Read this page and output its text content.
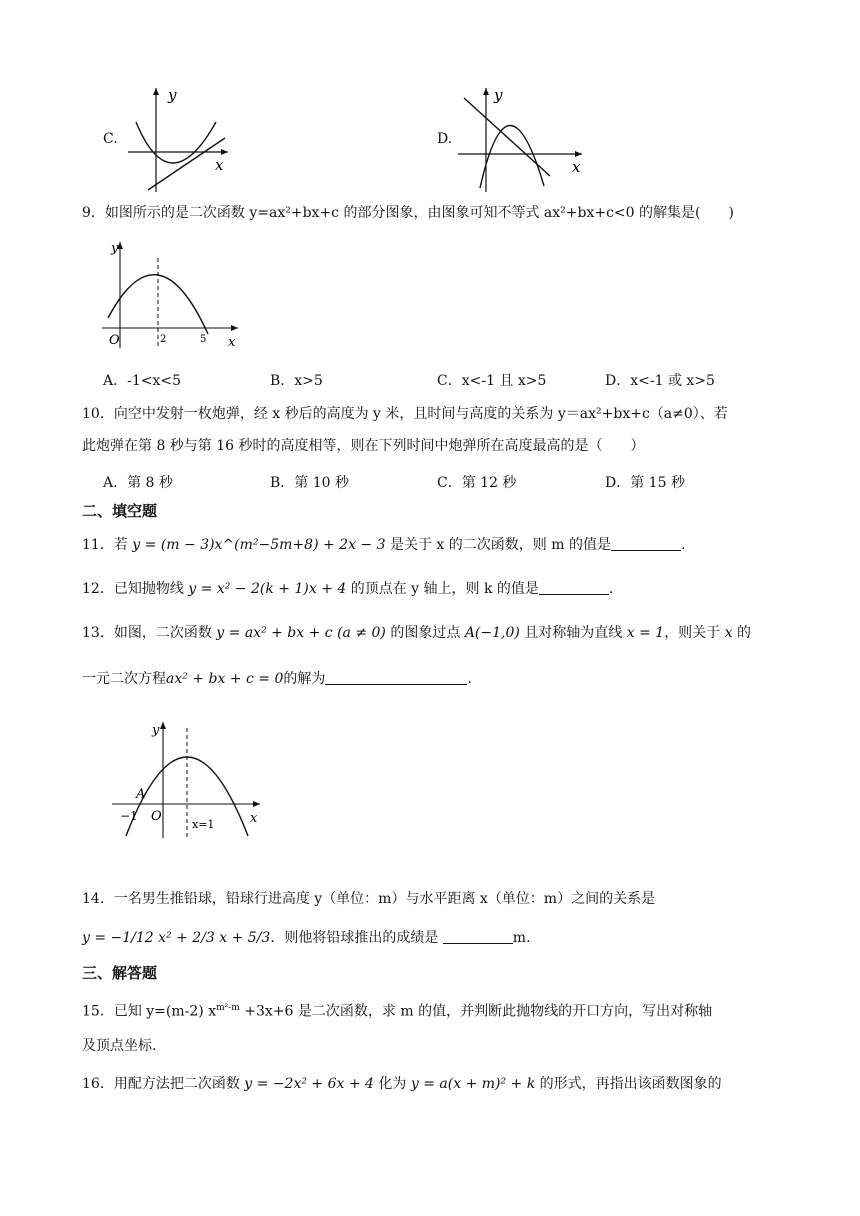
C.
y
x
D.
y
x
9．如图所示的是二次函数 y=ax²+bx+c 的部分图象，由图象可知不等式 ax²+bx+c<0 的解集是(　　)
y
x
O	2	5
A．-1<x<5	B．x>5	C．x<-1 且 x>5	D．x<-1 或 x>5
10．向空中发射一枚炮弹，经 x 秒后的高度为 y 米，且时间与高度的关系为 y＝ax²+bx+c（a≠0）、若
此炮弹在第 8 秒与第 16 秒时的高度相等，则在下列时间中炮弹所在高度最高的是（　　）
A．第 8 秒	B．第 10 秒	C．第 12 秒	D．第 15 秒
二、填空题
11．若 y = (m − 3)x^(m²−5m+8) + 2x − 3 是关于 x 的二次函数，则 m 的值是	.
12．已知抛物线 y = x² − 2(k + 1)x + 4 的顶点在 y 轴上，则 k 的值是	.
13．如图，二次函数 y = ax² + bx + c (a ≠ 0) 的图象过点 A(−1,0) 且对称轴为直线 x = 1，则关于 x 的
一元二次方程ax² + bx + c = 0的解为	.
y
x
A
O
−1
x=1
14．一名男生推铅球，铅球行进高度 y（单位：m）与水平距离 x（单位：m）之间的关系是
y = −1/12 x² + 2/3 x + 5/3．则他将铅球推出的成绩是	m.
三、解答题
15．已知 y=(m-2) $x^{m^2-m} +3x+6$ 是二次函数，求 m 的值，并判断此抛物线的开口方向，写出对称轴
及顶点坐标.
16．用配方法把二次函数 y = −2x² + 6x + 4 化为 y = a(x + m)² + k 的形式，再指出该函数图象的
